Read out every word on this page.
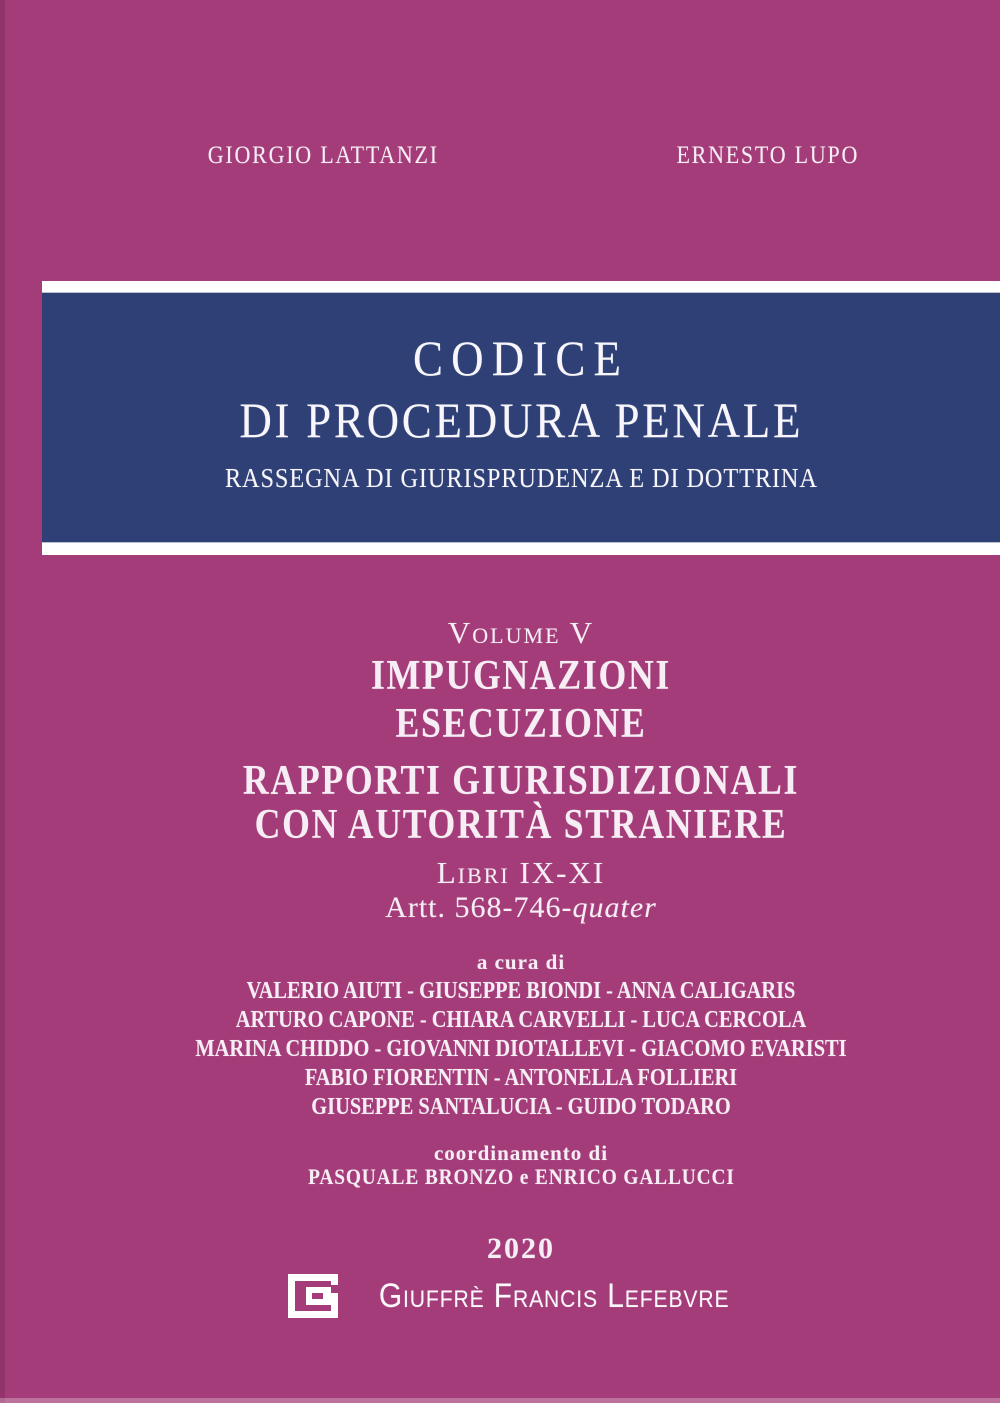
GIORGIO LATTANZI	ERNESTO LUPO
CODICE
DI PROCEDURA PENALE
RASSEGNA DI GIURISPRUDENZA E DI DOTTRINA
Volume V
IMPUGNAZIONI
ESECUZIONE
RAPPORTI GIURISDIZIONALI
CON AUTORITÀ STRANIERE
Libri IX-XI
Artt. 568-746-quater
a cura di
VALERIO AIUTI - GIUSEPPE BIONDI - ANNA CALIGARIS
ARTURO CAPONE - CHIARA CARVELLI - LUCA CERCOLA
MARINA CHIDDO - GIOVANNI DIOTALLEVI - GIACOMO EVARISTI
FABIO FIORENTIN - ANTONELLA FOLLIERI
GIUSEPPE SANTALUCIA - GUIDO TODARO
coordinamento di
PASQUALE BRONZO e ENRICO GALLUCCI
2020
Giuffrè Francis Lefebvre
